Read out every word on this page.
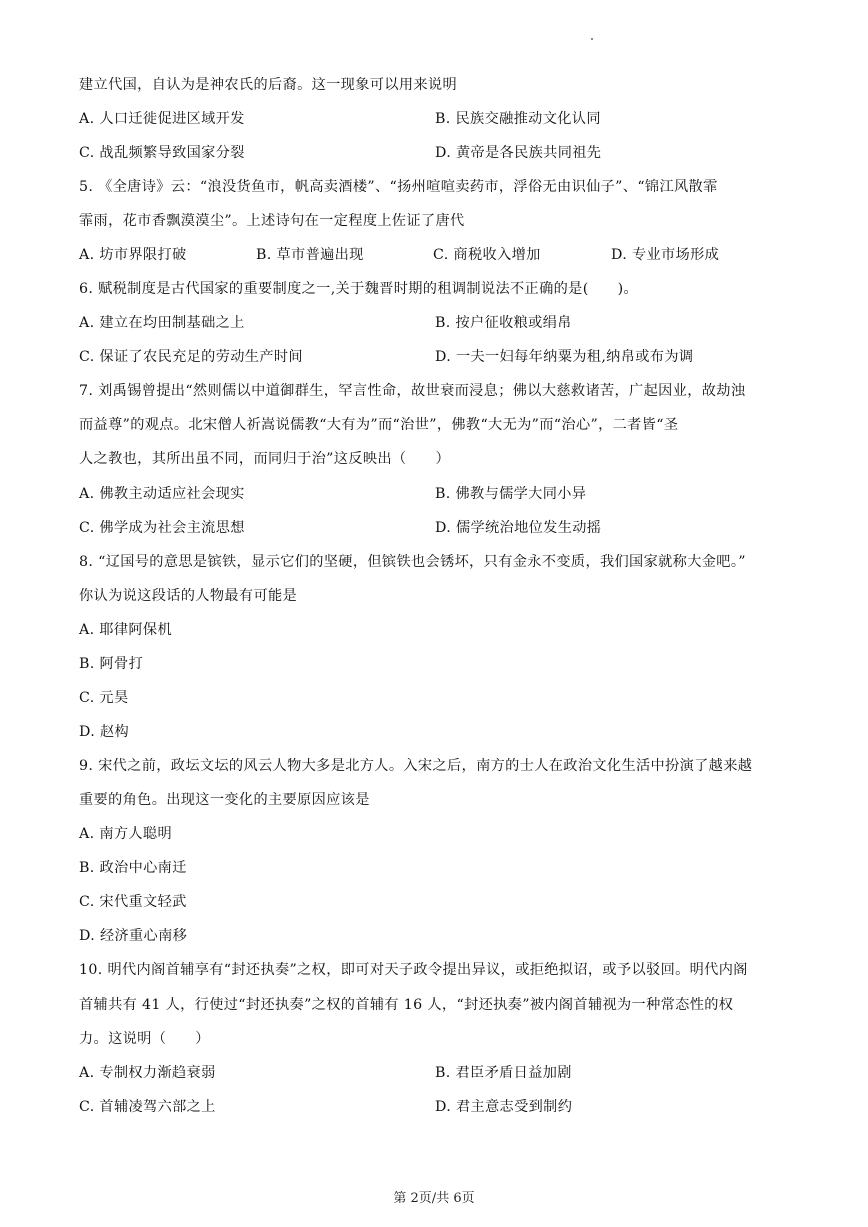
建立代国，自认为是神农氏的后裔。这一现象可以用来说明
A. 人口迁徙促进区域开发	B. 民族交融推动文化认同
C. 战乱频繁导致国家分裂	D. 黄帝是各民族共同祖先
5. 《全唐诗》云：“浪没货鱼市，帆高卖酒楼”、“扬州喧喧卖药市，浮俗无由识仙子”、“锦江风散霏
霏雨，花市香飘漠漠尘”。上述诗句在一定程度上佐证了唐代
A. 坊市界限打破	B. 草市普遍出现	C. 商税收入增加	D. 专业市场形成
6. 赋税制度是古代国家的重要制度之一,关于魏晋时期的租调制说法不正确的是(　　)。
A. 建立在均田制基础之上	B. 按户征收粮或绢帛
C. 保证了农民充足的劳动生产时间	D. 一夫一妇每年纳粟为租,纳帛或布为调
7. 刘禹锡曾提出“然则儒以中道御群生，罕言性命，故世衰而浸息；佛以大慈救诸苦，广起因业，故劫浊
而益尊”的观点。北宋僧人祈嵩说儒教“大有为”而“治世”，佛教“大无为”而“治心”，二者皆“圣
人之教也，其所出虽不同，而同归于治”这反映出（　　）
A. 佛教主动适应社会现实	B. 佛教与儒学大同小异
C. 佛学成为社会主流思想	D. 儒学统治地位发生动摇
8. “辽国号的意思是镔铁，显示它们的坚硬，但镔铁也会锈坏，只有金永不变质，我们国家就称大金吧。”
你认为说这段话的人物最有可能是
A. 耶律阿保机
B. 阿骨打
C. 元昊
D. 赵构
9. 宋代之前，政坛文坛的风云人物大多是北方人。入宋之后，南方的士人在政治文化生活中扮演了越来越
重要的角色。出现这一变化的主要原因应该是
A. 南方人聪明
B. 政治中心南迁
C. 宋代重文轻武
D. 经济重心南移
10. 明代内阁首辅享有“封还执奏”之权，即可对天子政令提出异议，或拒绝拟诏，或予以驳回。明代内阁
首辅共有 41 人，行使过“封还执奏”之权的首辅有 16 人，“封还执奏”被内阁首辅视为一种常态性的权
力。这说明（　　）
A. 专制权力渐趋衰弱	B. 君臣矛盾日益加剧
C. 首辅凌驾六部之上	D. 君主意志受到制约
第 2页/共 6页
